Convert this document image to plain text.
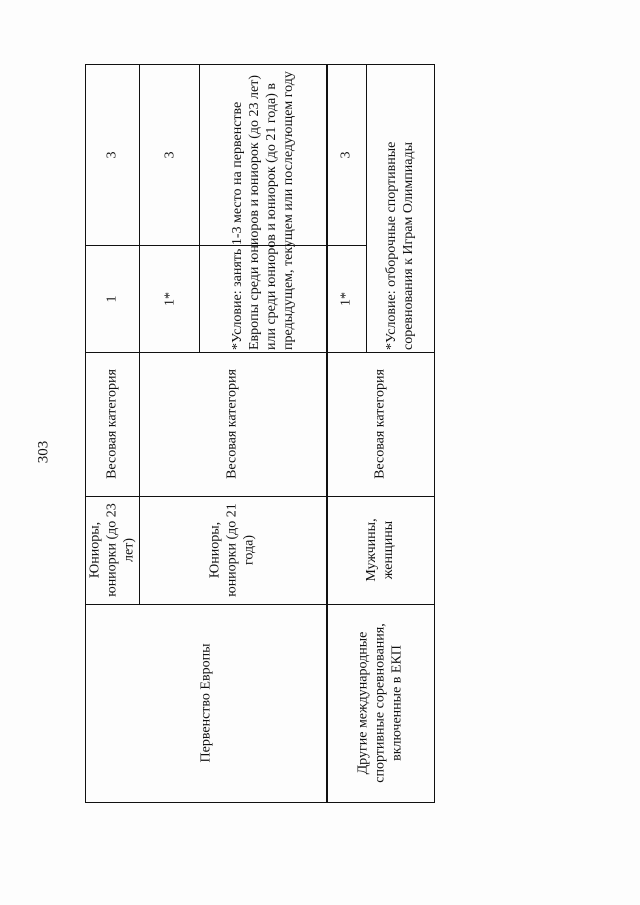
303
Первенство Европы
Юниоры, юниорки (до 23 лет)
Весовая категория
1
3
Юниоры, юниорки (до 21 года)
Весовая категория
1*
3	*Условие: занять 1-3 место на первенстве Европы среди юниоров и юниорок (до 23 лет) или среди юниоров и юниорок (до 21 года) в предыдущем, текущем или последующем году
Другие международные спортивные соревнования, включенные в ЕКП
Мужчины, женщины
Весовая категория
1*
3 *Условие: отборочные спортивные соревнования к Играм Олимпиады
